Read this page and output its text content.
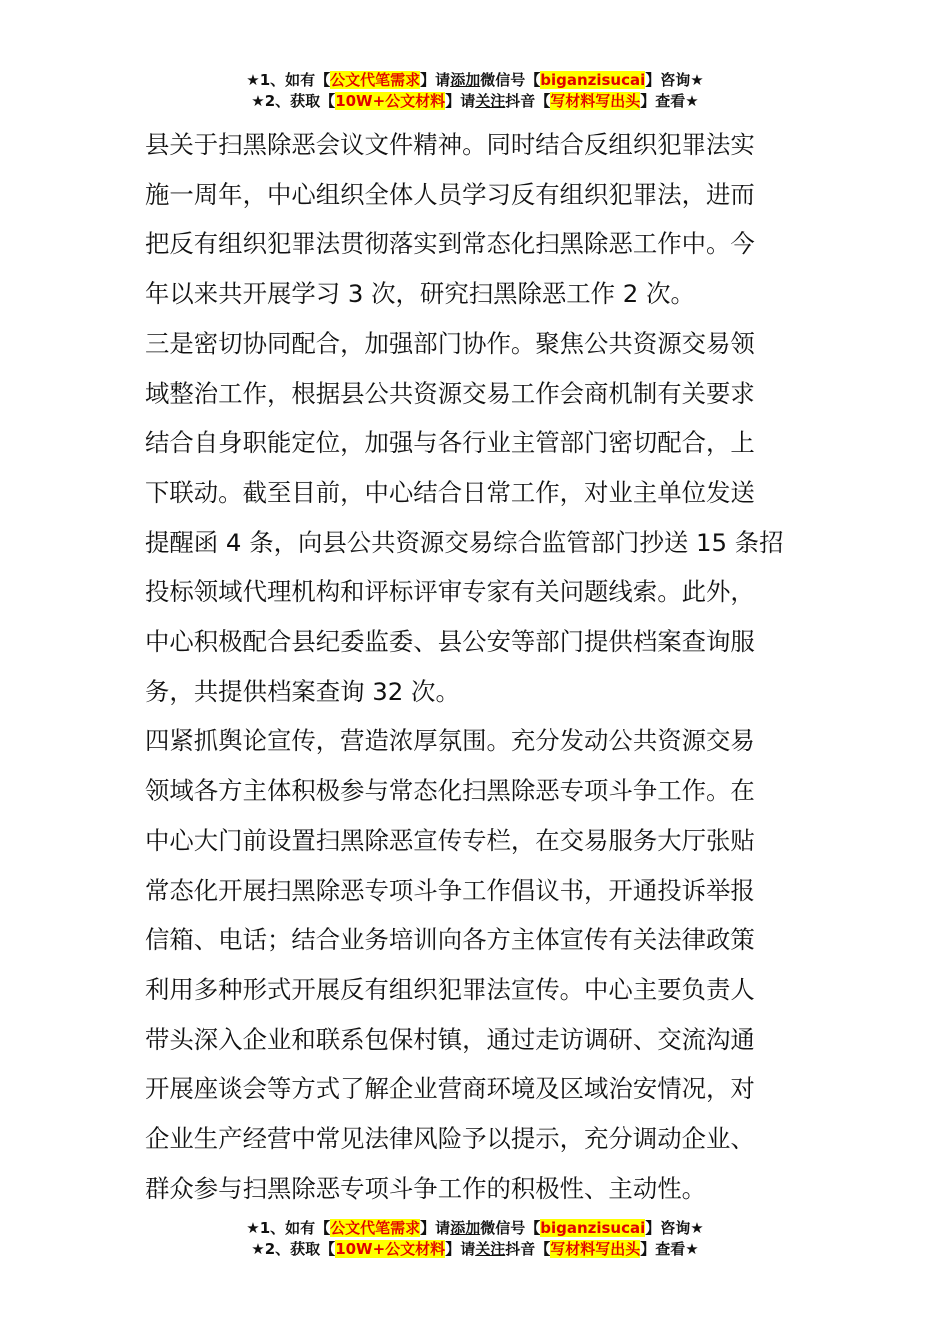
★1、如有【公文代笔需求】请添加微信号【biganzisucai】咨询★
★2、获取【10W+公文材料】请关注抖音【写材料写出头】查看★
县关于扫黑除恶会议文件精神。同时结合反组织犯罪法实
施一周年，中心组织全体人员学习反有组织犯罪法，进而
把反有组织犯罪法贯彻落实到常态化扫黑除恶工作中。今
年以来共开展学习 3 次，研究扫黑除恶工作 2 次。
三是密切协同配合，加强部门协作。聚焦公共资源交易领
域整治工作，根据县公共资源交易工作会商机制有关要求
结合自身职能定位，加强与各行业主管部门密切配合，上
下联动。截至目前，中心结合日常工作，对业主单位发送
提醒函 4 条，向县公共资源交易综合监管部门抄送 15 条招
投标领域代理机构和评标评审专家有关问题线索。此外，
中心积极配合县纪委监委、县公安等部门提供档案查询服
务，共提供档案查询 32 次。
四紧抓舆论宣传，营造浓厚氛围。充分发动公共资源交易
领域各方主体积极参与常态化扫黑除恶专项斗争工作。在
中心大门前设置扫黑除恶宣传专栏，在交易服务大厅张贴
常态化开展扫黑除恶专项斗争工作倡议书，开通投诉举报
信箱、电话；结合业务培训向各方主体宣传有关法律政策
利用多种形式开展反有组织犯罪法宣传。中心主要负责人
带头深入企业和联系包保村镇，通过走访调研、交流沟通
开展座谈会等方式了解企业营商环境及区域治安情况，对
企业生产经营中常见法律风险予以提示，充分调动企业、
群众参与扫黑除恶专项斗争工作的积极性、主动性。
★1、如有【公文代笔需求】请添加微信号【biganzisucai】咨询★
★2、获取【10W+公文材料】请关注抖音【写材料写出头】查看★
